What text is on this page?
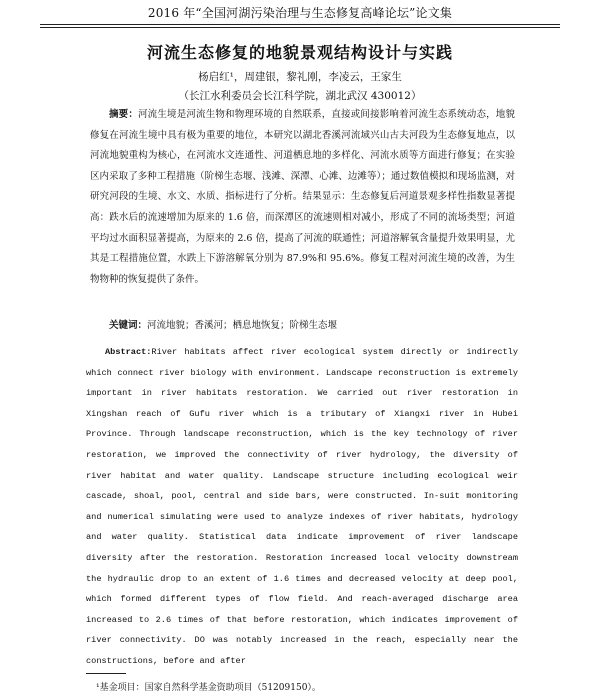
2016 年“全国河湖污染治理与生态修复高峰论坛”论文集
河流生态修复的地貌景观结构设计与实践
杨启红¹，周建银，黎礼刚，李凌云，王家生
（长江水利委员会长江科学院，湖北武汉 430012）
摘要：河流生境是河流生物和物理环境的自然联系，直接或间接影响着河流生态系统动态，地貌修复在河流生境中具有极为重要的地位，本研究以湖北香溪河流域兴山古夫河段为生态修复地点，以河流地貌重构为核心，在河流水文连通性、河道栖息地的多样化、河流水质等方面进行修复；在实验区内采取了多种工程措施（阶梯生态堰、浅滩、深潭、心滩、边滩等）；通过数值模拟和现场监测，对研究河段的生境、水文、水质、指标进行了分析。结果显示：生态修复后河道景观多样性指数显著提高：跌水后的流速增加为原来的 1.6 倍，而深潭区的流速则相对减小，形成了不同的流场类型；河道平均过水面积显著提高，为原来的 2.6 倍，提高了河流的联通性；河道溶解氧含量提升效果明显，尤其是工程措施位置，水跌上下游溶解氧分别为 87.9%和 95.6%。修复工程对河流生境的改善，为生物物种的恢复提供了条件。
关键词：河流地貌；香溪河；栖息地恢复；阶梯生态堰
Abstract:River habitats affect river ecological system directly or indirectly which connect river biology with environment. Landscape reconstruction is extremely important in river habitats restoration. We carried out river restoration in Xingshan reach of Gufu river which is a tributary of Xiangxi river in Hubei Province. Through landscape reconstruction, which is the key technology of river restoration, we improved the connectivity of river hydrology, the diversity of river habitat and water quality. Landscape structure including ecological weir cascade, shoal, pool, central and side bars, were constructed. In-suit monitoring and numerical simulating were used to analyze indexes of river habitats, hydrology and water quality. Statistical data indicate improvement of river landscape diversity after the restoration. Restoration increased local velocity downstream the hydraulic drop to an extent of 1.6 times and decreased velocity at deep pool, which formed different types of flow field. And reach-averaged discharge area increased to 2.6 times of that before restoration, which indicates improvement of river connectivity. DO was notably increased in the reach, especially near the constructions, before and after
¹基金项目：国家自然科学基金资助项目（51209150）。
